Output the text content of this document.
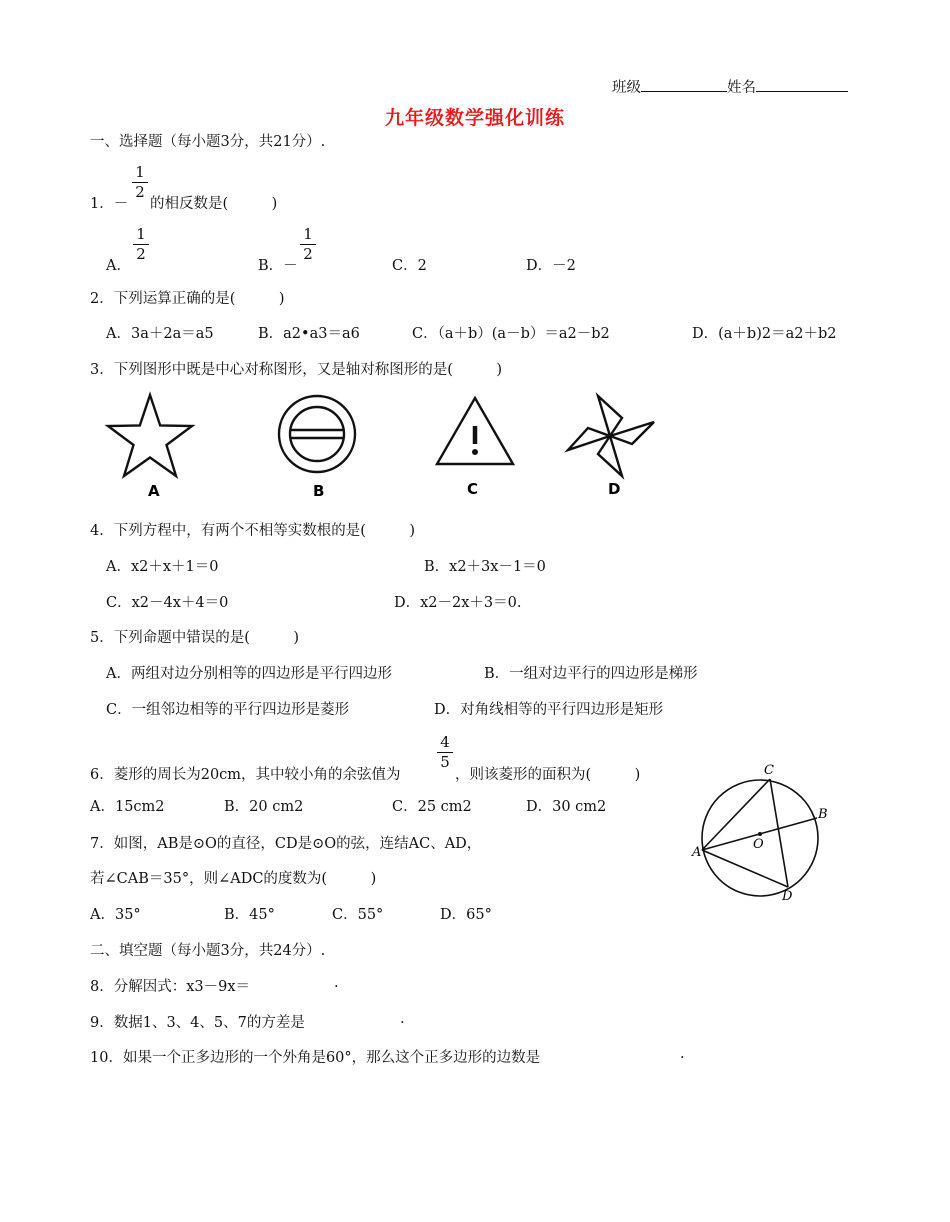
班级	姓名
九年级数学强化训练
一、选择题（每小题3分，共21分）.
1．－
1
2
的相反数是(　　　)
A．
1
2
B．－
1
2
C．2	D．－2
2．下列运算正确的是(　　　)
A．3a＋2a＝a5	B．a2•a3＝a6	C．（a＋b）(a－b）＝a2－b2	D．(a＋b)2＝a2＋b2
3．下列图形中既是中心对称图形，又是轴对称图形的是(　　　)
A	B	C	D
4．下列方程中，有两个不相等实数根的是(　　　)
A．x2＋x＋1＝0	B．x2＋3x－1＝0
C．x2－4x＋4＝0	D．x2－2x＋3＝0.
5．下列命题中错误的是(　　　)
A．两组对边分别相等的四边形是平行四边形	B．一组对边平行的四边形是梯形
C．一组邻边相等的平行四边形是菱形	D．对角线相等的平行四边形是矩形
6．菱形的周长为20cm，其中较小角的余弦值为
4
5
，则该菱形的面积为(　　　)
A．15cm2	B．20 cm2	C．25 cm2	D．30 cm2
C
B
A
O
D
7．如图，AB是⊙O的直径，CD是⊙O的弦，连结AC、AD，
若∠CAB＝35°，则∠ADC的度数为(　　　)
A．35°	B．45°	C．55°	D．65°
二、填空题（每小题3分，共24分）.
8．分解因式：x3－9x＝	.
9．数据1、3、4、5、7的方差是	.
10．如果一个正多边形的一个外角是60°，那么这个正多边形的边数是	.
